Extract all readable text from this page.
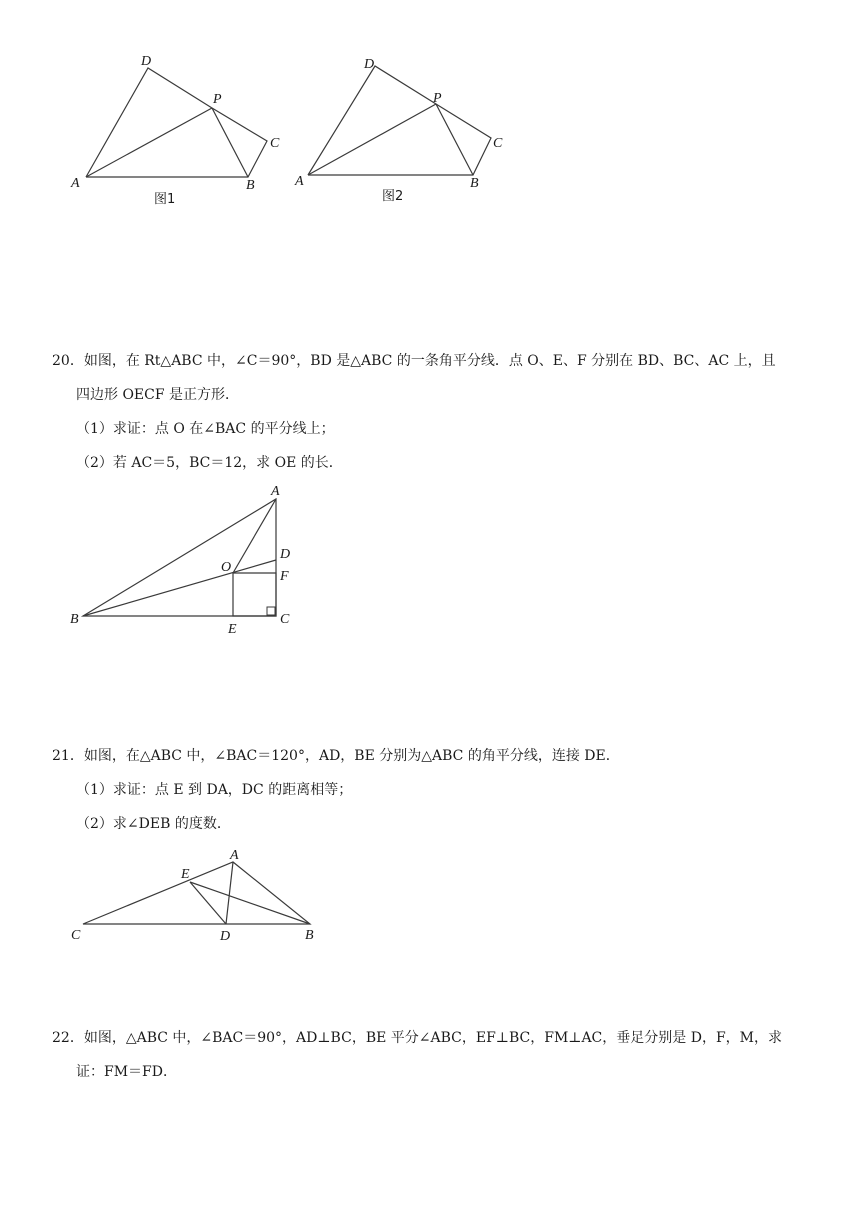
D
P
C
A	B
图1
D
P
C
A	B
图2
20．如图，在 Rt△ABC 中，∠C＝90°，BD 是△ABC 的一条角平分线．点 O、E、F 分别在 BD、BC、AC 上，且
四边形 OECF 是正方形．
（1）求证：点 O 在∠BAC 的平分线上；
（2）若 AC＝5，BC＝12，求 OE 的长．
A
D
O
F
B	C
E
21．如图，在△ABC 中，∠BAC＝120°，AD，BE 分别为△ABC 的角平分线，连接 DE．
（1）求证：点 E 到 DA，DC 的距离相等；
（2）求∠DEB 的度数．
A
E
C	D	B
22．如图，△ABC 中，∠BAC＝90°，AD⊥BC，BE 平分∠ABC，EF⊥BC，FM⊥AC，垂足分别是 D，F，M，求
证：FM＝FD．
